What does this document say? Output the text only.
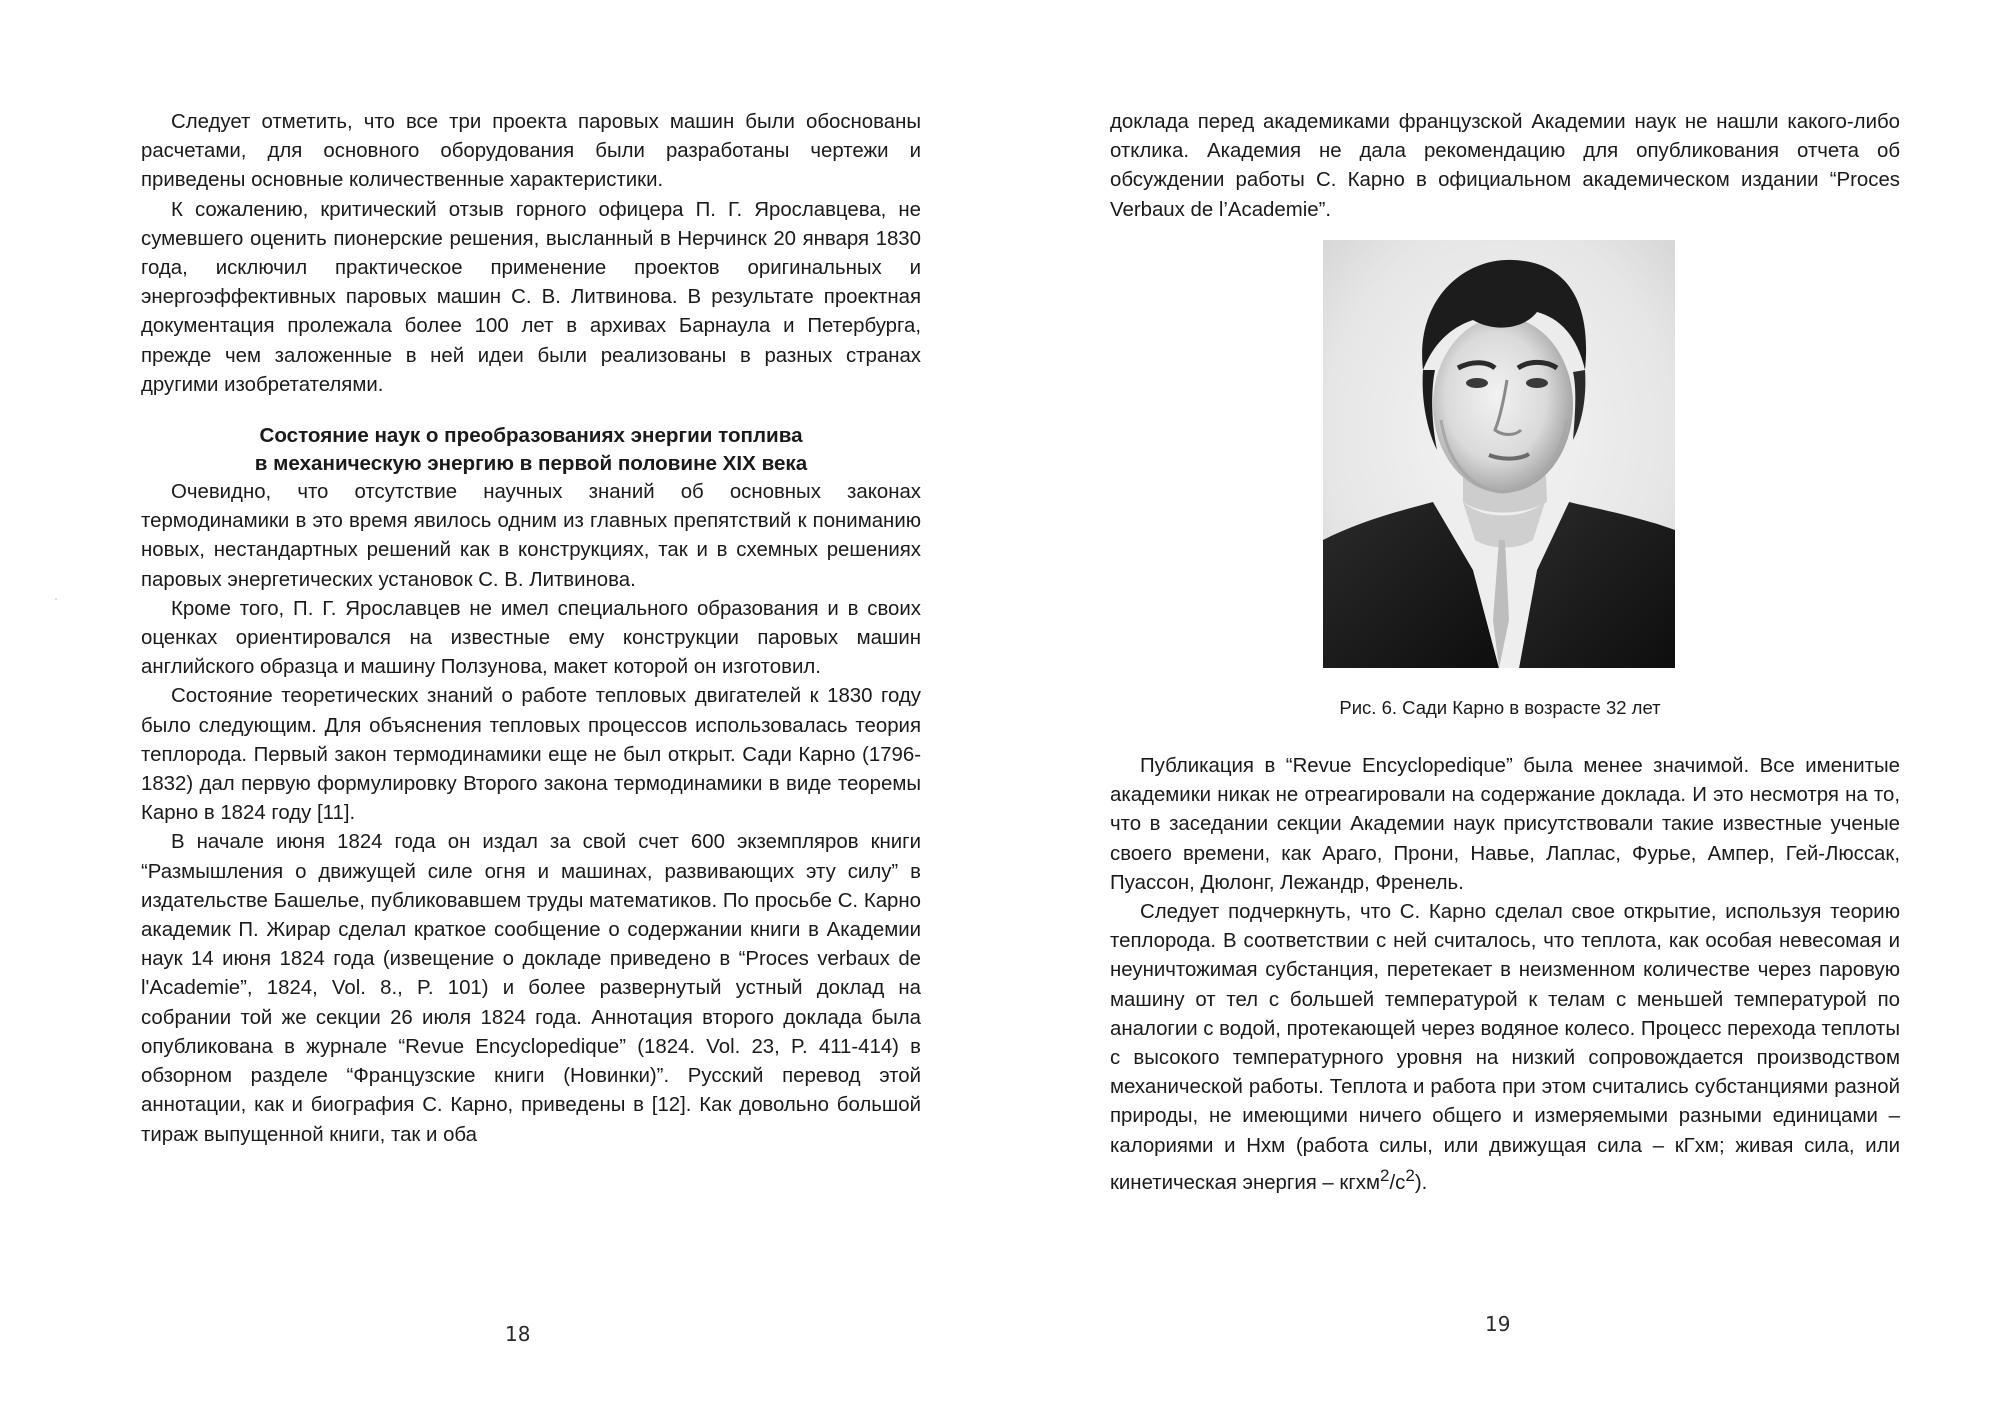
Следует отметить, что все три проекта паровых машин были обоснованы расчетами, для основного оборудования были разработаны чертежи и приведены основные количественные характеристики.

К сожалению, критический отзыв горного офицера П. Г. Ярославцева, не сумевшего оценить пионерские решения, высланный в Нерчинск 20 января 1830 года, исключил практическое применение проектов оригинальных и энергоэффективных паровых машин С. В. Литвинова. В результате проектная документация пролежала более 100 лет в архивах Барнаула и Петербурга, прежде чем заложенные в ней идеи были реализованы в разных странах другими изобретателями.

Состояние наук о преобразованиях энергии топлива
в механическую энергию в первой половине XIX века

Очевидно, что отсутствие научных знаний об основных законах термодинамики в это время явилось одним из главных препятствий к пониманию новых, нестандартных решений как в конструкциях, так и в схемных решениях паровых энергетических установок С. В. Литвинова.

Кроме того, П. Г. Ярославцев не имел специального образования и в своих оценках ориентировался на известные ему конструкции паровых машин английского образца и машину Ползунова, макет которой он изготовил.

Состояние теоретических знаний о работе тепловых двигателей к 1830 году было следующим. Для объяснения тепловых процессов использовалась теория теплорода. Первый закон термодинамики еще не был открыт. Сади Карно (1796-1832) дал первую формулировку Второго закона термодинамики в виде теоремы Карно в 1824 году [11].

В начале июня 1824 года он издал за свой счет 600 экземпляров книги “Размышления о движущей силе огня и машинах, развивающих эту силу” в издательстве Башелье, публиковавшем труды математиков. По просьбе С. Карно академик П. Жирар сделал краткое сообщение о содержании книги в Академии наук 14 июня 1824 года (извещение о докладе приведено в “Proces verbaux de l'Academie”, 1824, Vol. 8., P. 101) и более развернутый устный доклад на собрании той же секции 26 июля 1824 года. Аннотация второго доклада была опубликована в журнале “Revue Encyclopedique” (1824. Vol. 23, P. 411-414) в обзорном разделе “Французские книги (Новинки)”. Русский перевод этой аннотации, как и биография С. Карно, приведены в [12]. Как довольно большой тираж выпущенной книги, так и оба

18

доклада перед академиками французской Академии наук не нашли какого-либо отклика. Академия не дала рекомендацию для опубликования отчета об обсуждении работы С. Карно в официальном академическом издании “Proces Verbaux de l’Academie”.

Рис. 6. Сади Карно в возрасте 32 лет

Публикация в “Revue Encyclopedique” была менее значимой. Все именитые академики никак не отреагировали на содержание доклада. И это несмотря на то, что в заседании секции Академии наук присутствовали такие известные ученые своего времени, как Араго, Прони, Навье, Лаплас, Фурье, Ампер, Гей-Люссак, Пуассон, Дюлонг, Лежандр, Френель.

Следует подчеркнуть, что С. Карно сделал свое открытие, используя теорию теплорода. В соответствии с ней считалось, что теплота, как особая невесомая и неуничтожимая субстанция, перетекает в неизменном количестве через паровую машину от тел с большей температурой к телам с меньшей температурой по аналогии с водой, протекающей через водяное колесо. Процесс перехода теплоты с высокого температурного уровня на низкий сопровождается производством механической работы. Теплота и работа при этом считались субстанциями разной природы, не имеющими ничего общего и измеряемыми разными единицами – калориями и Нхм (работа силы, или движущая сила – кГхм; живая сила, или кинетическая энергия – $кгхм^2/с^2$).

19
